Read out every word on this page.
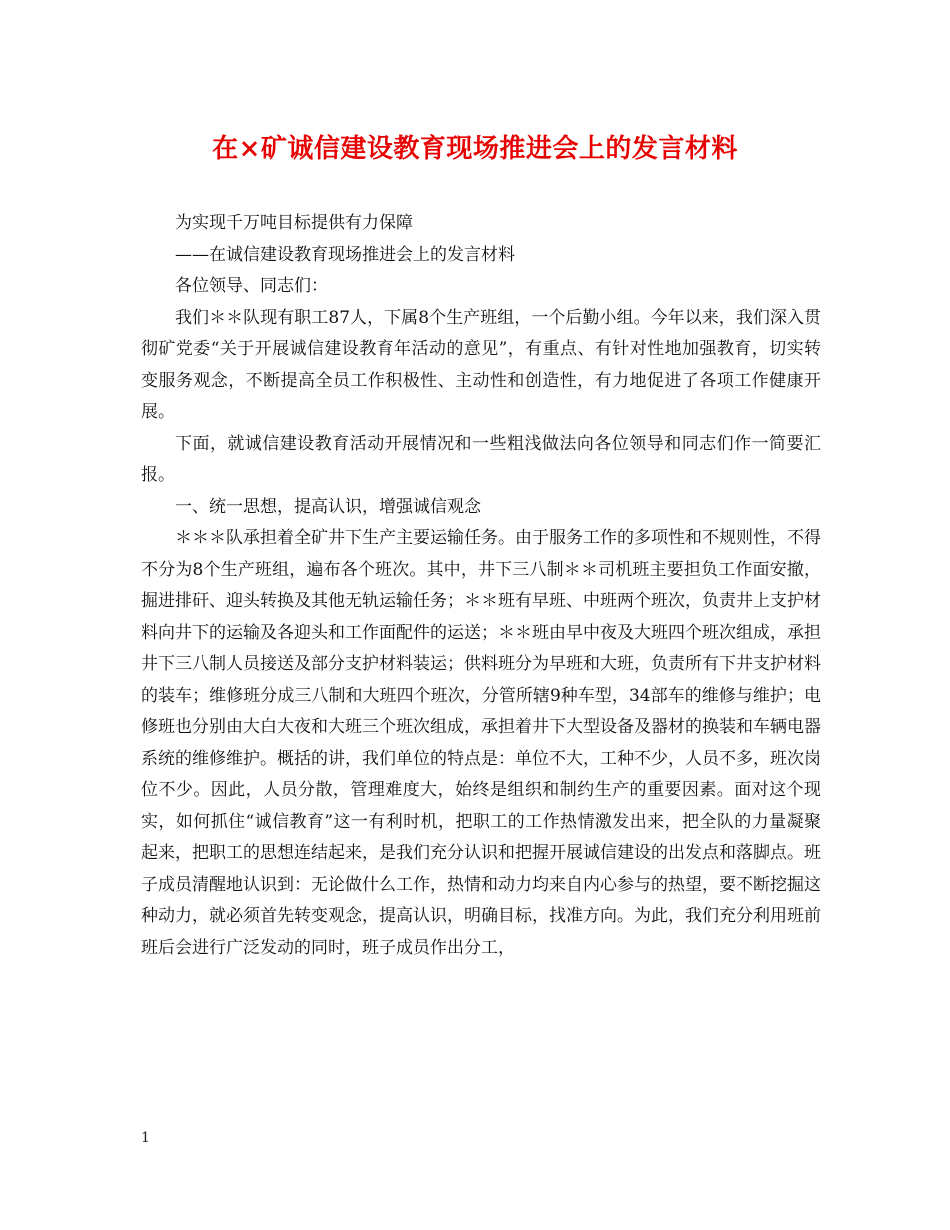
在×矿诚信建设教育现场推进会上的发言材料

为实现千万吨目标提供有力保障

——在诚信建设教育现场推进会上的发言材料

各位领导、同志们：

我们＊＊队现有职工87人，下属8个生产班组，一个后勤小组。今年以来，我们深入贯彻矿党委“关于开展诚信建设教育年活动的意见”，有重点、有针对性地加强教育，切实转变服务观念，不断提高全员工作积极性、主动性和创造性，有力地促进了各项工作健康开展。

下面，就诚信建设教育活动开展情况和一些粗浅做法向各位领导和同志们作一简要汇报。

一、统一思想，提高认识，增强诚信观念

＊＊＊队承担着全矿井下生产主要运输任务。由于服务工作的多项性和不规则性，不得不分为8个生产班组，遍布各个班次。其中，井下三八制＊＊司机班主要担负工作面安撤，掘进排矸、迎头转换及其他无轨运输任务；＊＊班有早班、中班两个班次，负责井上支护材料向井下的运输及各迎头和工作面配件的运送；＊＊班由早中夜及大班四个班次组成，承担井下三八制人员接送及部分支护材料装运；供料班分为早班和大班，负责所有下井支护材料的装车；维修班分成三八制和大班四个班次，分管所辖9种车型，34部车的维修与维护；电修班也分别由大白大夜和大班三个班次组成，承担着井下大型设备及器材的换装和车辆电器系统的维修维护。概括的讲，我们单位的特点是：单位不大，工种不少，人员不多，班次岗位不少。因此，人员分散，管理难度大，始终是组织和制约生产的重要因素。面对这个现实，如何抓住“诚信教育”这一有利时机，把职工的工作热情激发出来，把全队的力量凝聚起来，把职工的思想连结起来，是我们充分认识和把握开展诚信建设的出发点和落脚点。班子成员清醒地认识到：无论做什么工作，热情和动力均来自内心参与的热望，要不断挖掘这种动力，就必须首先转变观念，提高认识，明确目标，找准方向。为此，我们充分利用班前班后会进行广泛发动的同时，班子成员作出分工，

1
